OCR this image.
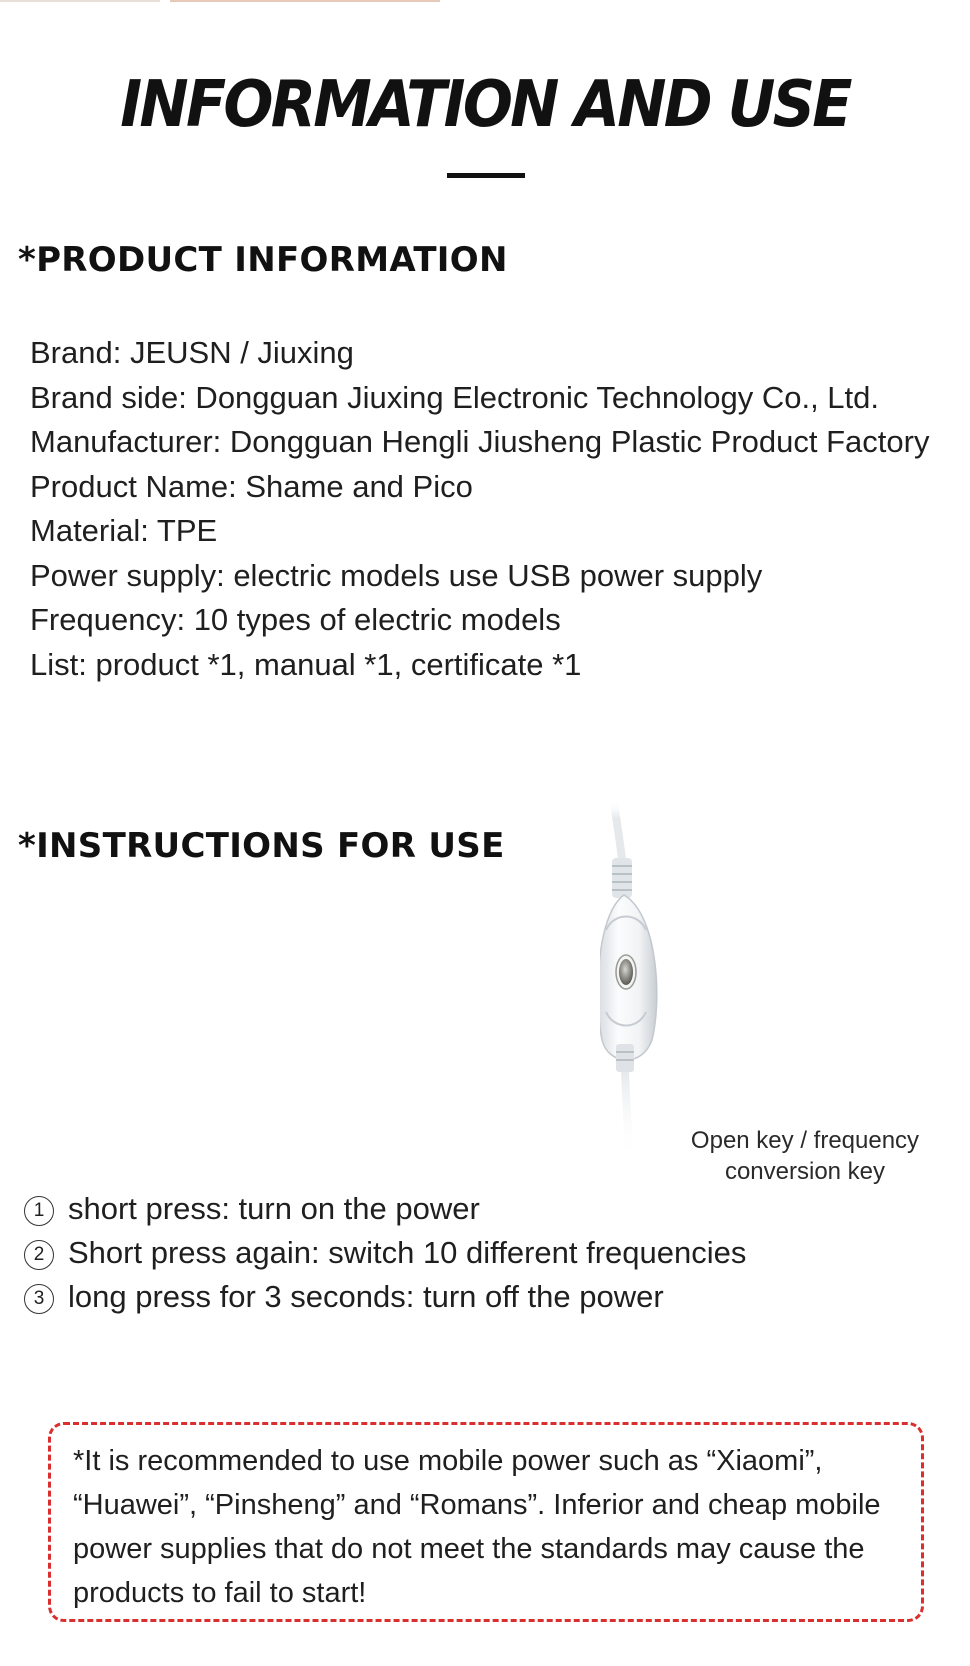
INFORMATION AND USE
*PRODUCT INFORMATION
Brand: JEUSN / Jiuxing
Brand side: Dongguan Jiuxing Electronic Technology Co., Ltd.
Manufacturer: Dongguan Hengli Jiusheng Plastic Product Factory
Product Name: Shame and Pico
Material: TPE
Power supply: electric models use USB power supply
Frequency: 10 types of electric models
List: product *1, manual *1, certificate *1
*INSTRUCTIONS FOR USE
Open key / frequency
conversion key
1 short press: turn on the power
2 Short press again: switch 10 different frequencies
3 long press for 3 seconds: turn off the power
*It is recommended to use mobile power such as “Xiaomi”, “Huawei”, “Pinsheng” and “Romans”. Inferior and cheap mobile power supplies that do not meet the standards may cause the products to fail to start!
